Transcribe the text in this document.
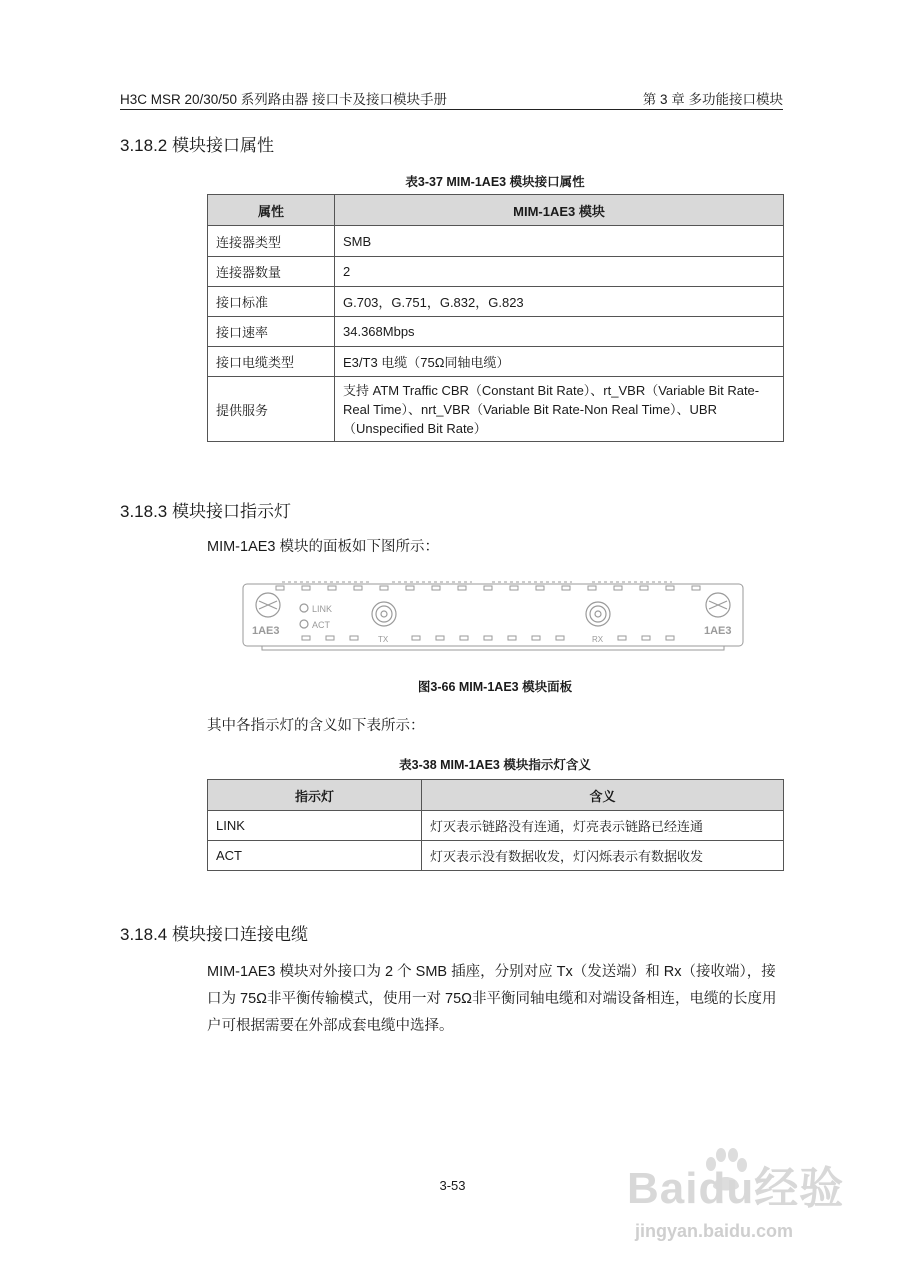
H3C MSR 20/30/50 系列路由器 接口卡及接口模块手册	第 3 章 多功能接口模块
3.18.2 模块接口属性
表3-37 MIM-1AE3 模块接口属性
属性	MIM-1AE3 模块
连接器类型	SMB
连接器数量	2
接口标准	G.703，G.751，G.832，G.823
接口速率	34.368Mbps
接口电缆类型	E3/T3 电缆（75Ω同轴电缆）
提供服务	支持 ATM Traffic CBR（Constant Bit Rate）、rt_VBR（Variable Bit Rate-Real Time）、nrt_VBR（Variable Bit Rate-Non Real Time）、UBR（Unspecified Bit Rate）
3.18.3 模块接口指示灯
MIM-1AE3 模块的面板如下图所示：
LINK
ACT
1AE3	1AE3
TX	RX
图3-66 MIM-1AE3 模块面板
其中各指示灯的含义如下表所示：
表3-38 MIM-1AE3 模块指示灯含义
指示灯	含义
LINK	灯灭表示链路没有连通，灯亮表示链路已经连通
ACT	灯灭表示没有数据收发，灯闪烁表示有数据收发
3.18.4 模块接口连接电缆
MIM-1AE3 模块对外接口为 2 个 SMB 插座，分别对应 Tx（发送端）和 Rx（接收端），接口为 75Ω非平衡传输模式，使用一对 75Ω非平衡同轴电缆和对端设备相连，电缆的长度用户可根据需要在外部成套电缆中选择。
3-53	Baidu经验
jingyan.baidu.com
